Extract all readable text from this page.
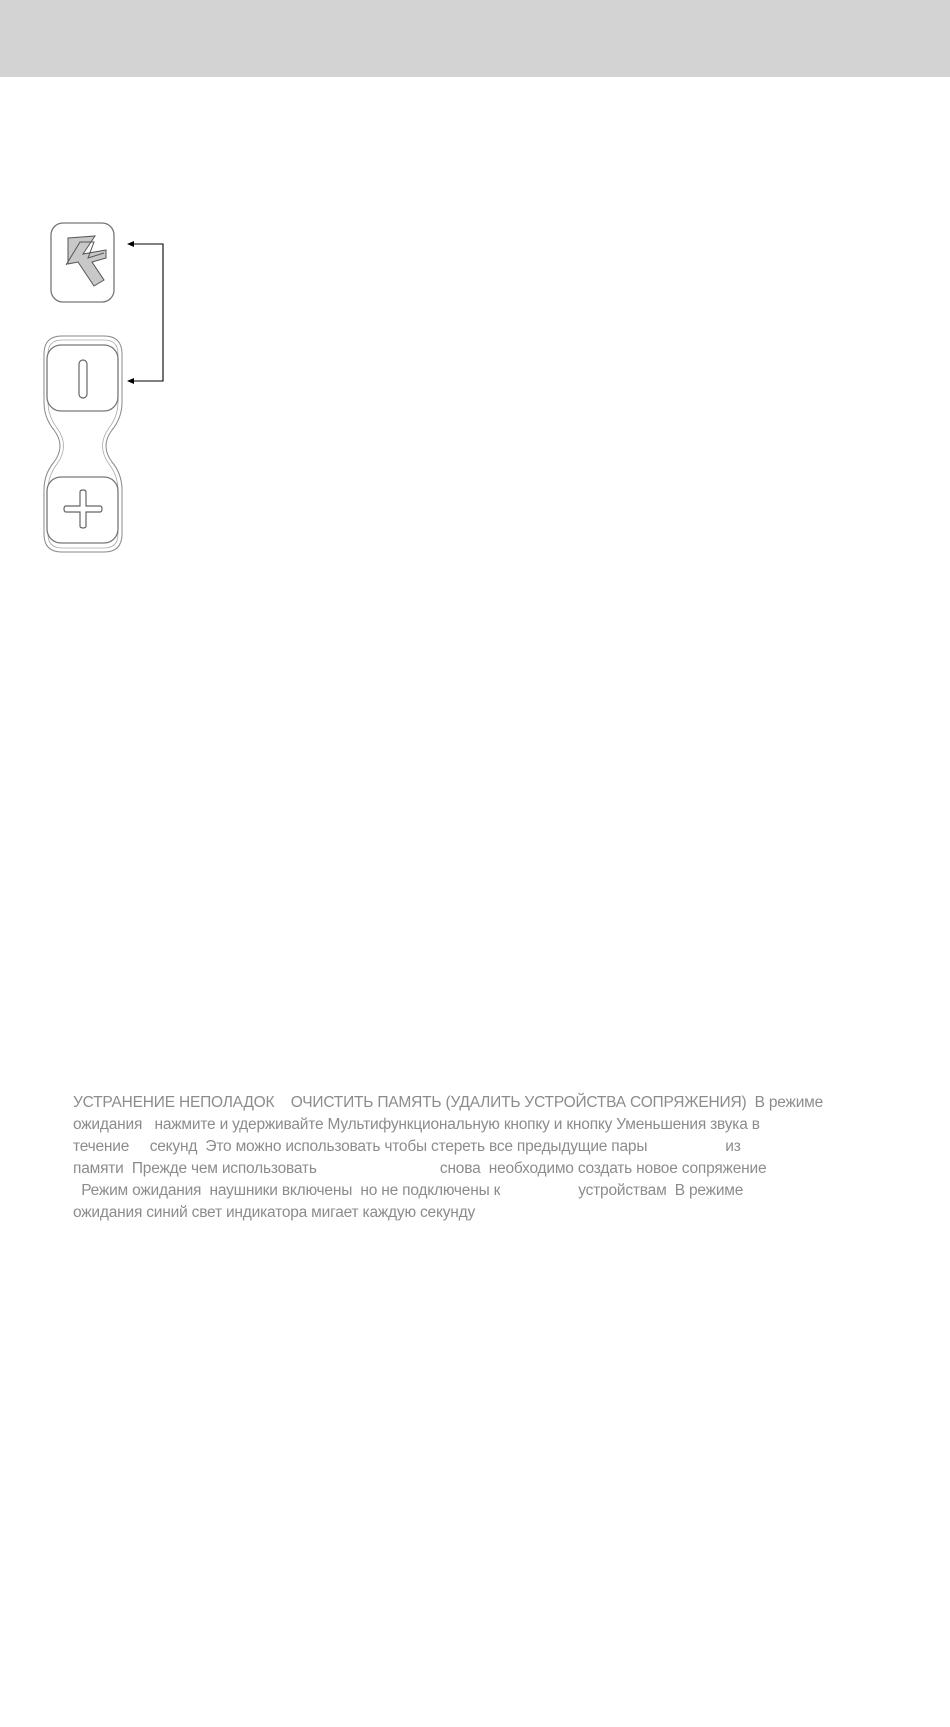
УСТРАНЕНИЕ НЕПОЛАДОК    ОЧИСТИТЬ ПАМЯТЬ (УДАЛИТЬ УСТРОЙСТВА СОПРЯЖЕНИЯ)  В режиме
ожидания   нажмите и удерживайте Мультифункциональную кнопку и кнопку Уменьшения звука в
течение     секунд  Это можно использовать чтобы стереть все предыдущие пары                   из
памяти  Прежде чем использовать                              снова  необходимо создать новое сопряжение
Режим ожидания  наушники включены  но не подключены к                   устройствам  В режиме
ожидания синий свет индикатора мигает каждую секунду
